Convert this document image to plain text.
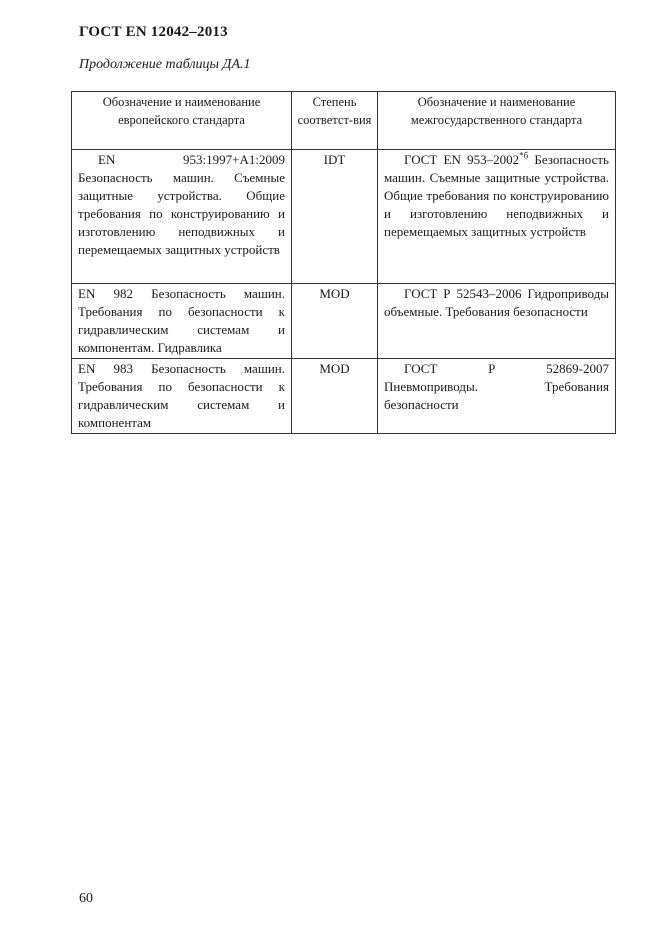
ГОСТ EN 12042–2013
Продолжение таблицы ДА.1
Обозначение и наименование европейского стандарта	Степень соответст-вия	Обозначение и наименование межгосударственного стандарта
EN 953:1997+A1:2009 Безопасность машин. Съемные защитные устройства. Общие требования по конструированию и изготовлению неподвижных и перемещаемых защитных устройств	IDT	ГОСТ EN 953–2002$^{*б}$ Безопасность машин. Съемные защитные устройства. Общие требования по конструированию и изготовлению неподвижных и перемещаемых защитных устройств
EN 982 Безопасность машин. Требования по безопасности к гидравлическим системам и компонентам. Гидравлика	MOD	ГОСТ Р 52543–2006 Гидроприводы объемные. Требования безопасности
EN 983 Безопасность машин. Требования по безопасности к гидравлическим системам и компонентам	MOD	ГОСТ Р 52869-2007 Пневмоприводы. Требования безопасности
60
